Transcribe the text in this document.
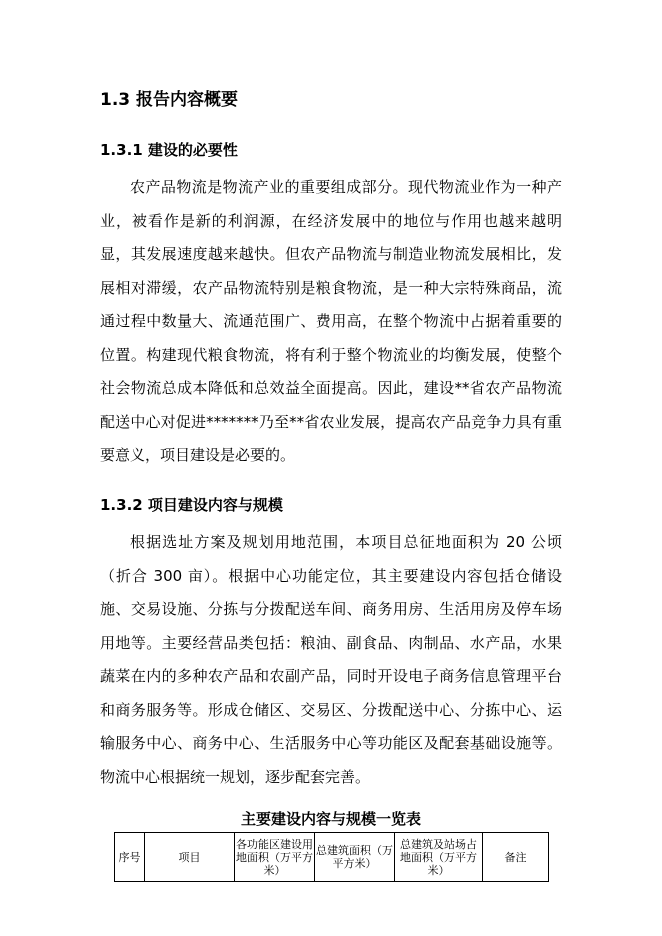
1.3 报告内容概要
1.3.1 建设的必要性

农产品物流是物流产业的重要组成部分。现代物流业作为一种产业，被看作是新的利润源，在经济发展中的地位与作用也越来越明显，其发展速度越来越快。但农产品物流与制造业物流发展相比，发展相对滞缓，农产品物流特别是粮食物流，是一种大宗特殊商品，流通过程中数量大、流通范围广、费用高，在整个物流中占据着重要的位置。构建现代粮食物流，将有利于整个物流业的均衡发展，使整个社会物流总成本降低和总效益全面提高。因此，建设**省农产品物流配送中心对促进*******乃至**省农业发展，提高农产品竞争力具有重要意义，项目建设是必要的。

1.3.2 项目建设内容与规模

根据选址方案及规划用地范围，本项目总征地面积为 20 公顷（折合 300 亩）。根据中心功能定位，其主要建设内容包括仓储设施、交易设施、分拣与分拨配送车间、商务用房、生活用房及停车场用地等。主要经营品类包括：粮油、副食品、肉制品、水产品，水果蔬菜在内的多种农产品和农副产品，同时开设电子商务信息管理平台和商务服务等。形成仓储区、交易区、分拨配送中心、分拣中心、运输服务中心、商务中心、生活服务中心等功能区及配套基础设施等。物流中心根据统一规划，逐步配套完善。

主要建设内容与规模一览表
序号	项目	各功能区建设用地面积（万平方米）	总建筑面积（万平方米）	总建筑及站场占地面积（万平方米）	备注
